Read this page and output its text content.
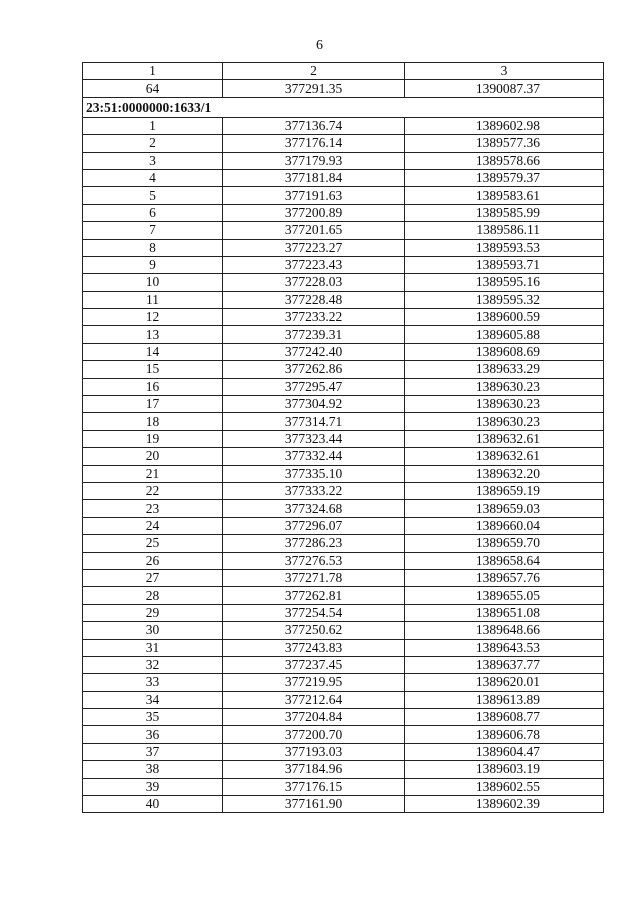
6
1	2	3
64	377291.35	1390087.37
23:51:0000000:1633/1		
1	377136.74	1389602.98
2	377176.14	1389577.36
3	377179.93	1389578.66
4	377181.84	1389579.37
5	377191.63	1389583.61
6	377200.89	1389585.99
7	377201.65	1389586.11
8	377223.27	1389593.53
9	377223.43	1389593.71
10	377228.03	1389595.16
11	377228.48	1389595.32
12	377233.22	1389600.59
13	377239.31	1389605.88
14	377242.40	1389608.69
15	377262.86	1389633.29
16	377295.47	1389630.23
17	377304.92	1389630.23
18	377314.71	1389630.23
19	377323.44	1389632.61
20	377332.44	1389632.61
21	377335.10	1389632.20
22	377333.22	1389659.19
23	377324.68	1389659.03
24	377296.07	1389660.04
25	377286.23	1389659.70
26	377276.53	1389658.64
27	377271.78	1389657.76
28	377262.81	1389655.05
29	377254.54	1389651.08
30	377250.62	1389648.66
31	377243.83	1389643.53
32	377237.45	1389637.77
33	377219.95	1389620.01
34	377212.64	1389613.89
35	377204.84	1389608.77
36	377200.70	1389606.78
37	377193.03	1389604.47
38	377184.96	1389603.19
39	377176.15	1389602.55
40	377161.90	1389602.39
